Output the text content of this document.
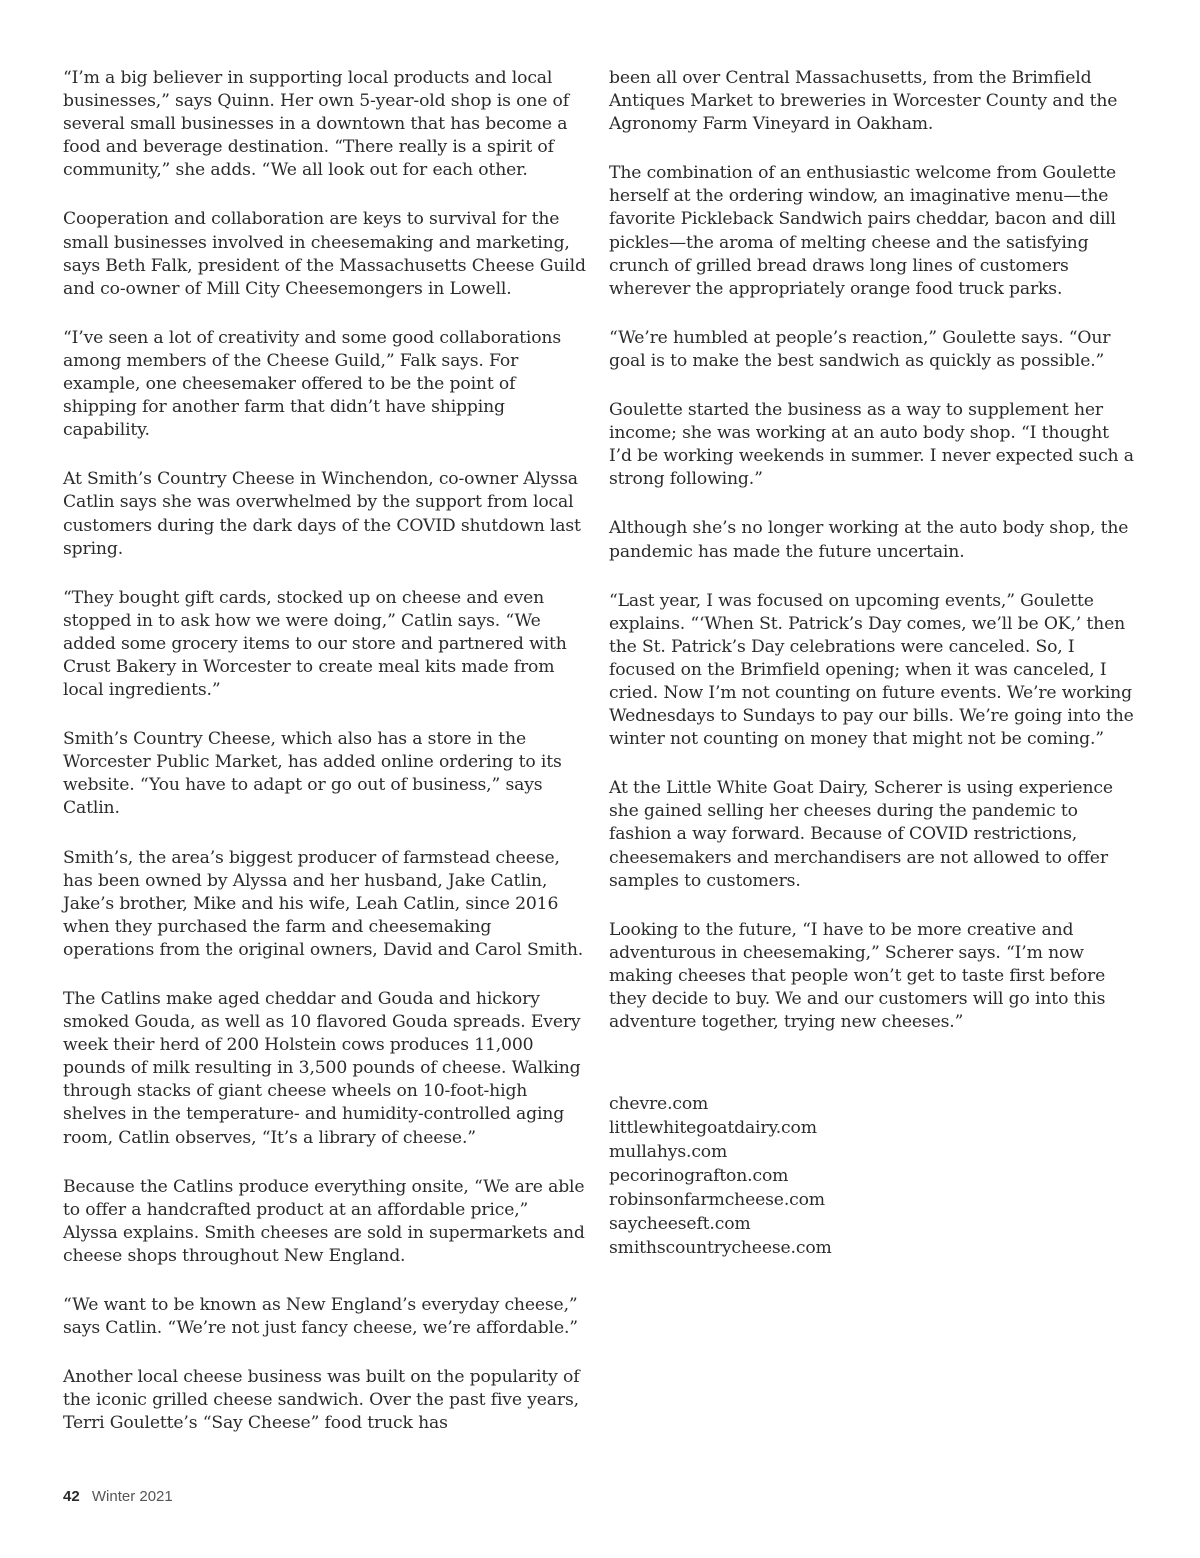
“I’m a big believer in supporting local products and local businesses,” says Quinn. Her own 5-year-old shop is one of several small businesses in a downtown that has become a food and beverage destination. “There really is a spirit of community,” she adds. “We all look out for each other.

Cooperation and collaboration are keys to survival for the small businesses involved in cheesemaking and marketing, says Beth Falk, president of the Massachusetts Cheese Guild and co-owner of Mill City Cheesemongers in Lowell.

“I’ve seen a lot of creativity and some good collaborations among members of the Cheese Guild,” Falk says. For example, one cheesemaker offered to be the point of shipping for another farm that didn’t have shipping capability.

At Smith’s Country Cheese in Winchendon, co-owner Alyssa Catlin says she was overwhelmed by the support from local customers during the dark days of the COVID shutdown last spring.

“They bought gift cards, stocked up on cheese and even stopped in to ask how we were doing,” Catlin says. “We added some grocery items to our store and partnered with Crust Bakery in Worcester to create meal kits made from local ingredients.”

Smith’s Country Cheese, which also has a store in the Worcester Public Market, has added online ordering to its website. “You have to adapt or go out of business,” says Catlin.

Smith’s, the area’s biggest producer of farmstead cheese, has been owned by Alyssa and her husband, Jake Catlin, Jake’s brother, Mike and his wife, Leah Catlin, since 2016 when they purchased the farm and cheesemaking operations from the original owners, David and Carol Smith.

The Catlins make aged cheddar and Gouda and hickory smoked Gouda, as well as 10 flavored Gouda spreads. Every week their herd of 200 Holstein cows produces 11,000 pounds of milk resulting in 3,500 pounds of cheese. Walking through stacks of giant cheese wheels on 10-foot-high shelves in the temperature- and humidity-controlled aging room, Catlin observes, “It’s a library of cheese.”

Because the Catlins produce everything onsite, “We are able to offer a handcrafted product at an affordable price,” Alyssa explains. Smith cheeses are sold in supermarkets and cheese shops throughout New England.

“We want to be known as New England’s everyday cheese,” says Catlin. “We’re not just fancy cheese, we’re affordable.”

Another local cheese business was built on the popularity of the iconic grilled cheese sandwich. Over the past five years, Terri Goulette’s “Say Cheese” food truck has

been all over Central Massachusetts, from the Brimfield Antiques Market to breweries in Worcester County and the Agronomy Farm Vineyard in Oakham.

The combination of an enthusiastic welcome from Goulette herself at the ordering window, an imaginative menu—the favorite Pickleback Sandwich pairs cheddar, bacon and dill pickles—the aroma of melting cheese and the satisfying crunch of grilled bread draws long lines of customers wherever the appropriately orange food truck parks.

“We’re humbled at people’s reaction,” Goulette says. “Our goal is to make the best sandwich as quickly as possible.”

Goulette started the business as a way to supplement her income; she was working at an auto body shop. “I thought I’d be working weekends in summer. I never expected such a strong following.”

Although she’s no longer working at the auto body shop, the pandemic has made the future uncertain.

“Last year, I was focused on upcoming events,” Goulette explains. “‘When St. Patrick’s Day comes, we’ll be OK,’ then the St. Patrick’s Day celebrations were canceled. So, I focused on the Brimfield opening; when it was canceled, I cried. Now I’m not counting on future events. We’re working Wednesdays to Sundays to pay our bills. We’re going into the winter not counting on money that might not be coming.”

At the Little White Goat Dairy, Scherer is using experience she gained selling her cheeses during the pandemic to fashion a way forward. Because of COVID restrictions, cheesemakers and merchandisers are not allowed to offer samples to customers.

Looking to the future, “I have to be more creative and adventurous in cheesemaking,” Scherer says. “I’m now making cheeses that people won’t get to taste first before they decide to buy. We and our customers will go into this adventure together, trying new cheeses.”

chevre.com
littlewhitegoatdairy.com
mullahys.com
pecorinografton.com
robinsonfarmcheese.com
saycheeseft.com
smithscountrycheese.com
42 Winter 2021
